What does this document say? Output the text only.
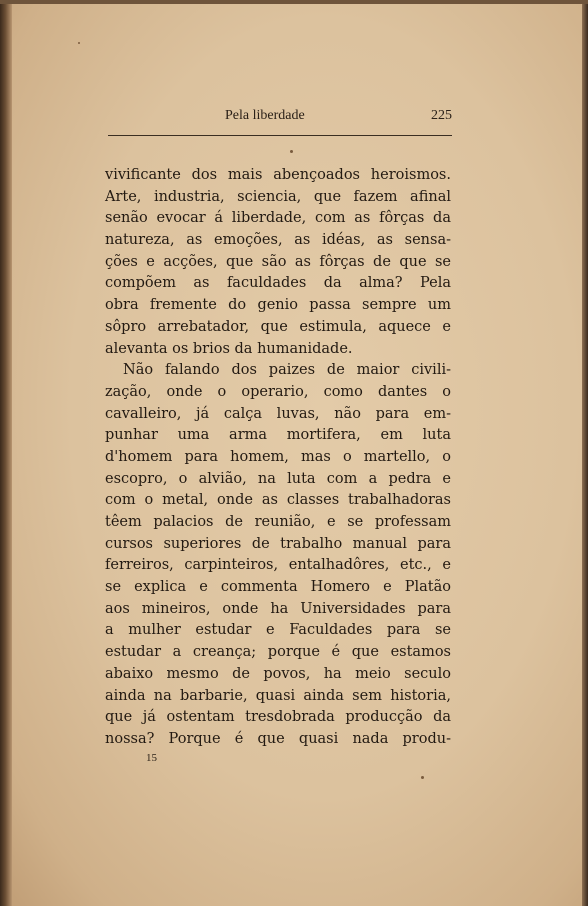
Pela liberdade	225
vivificante dos mais abençoados heroismos.
Arte, industria, sciencia, que fazem afinal
senão evocar á liberdade, com as fôrças da
natureza, as emoções, as idéas, as sensa-
ções e acções, que são as fôrças de que se
compõem as faculdades da alma? Pela
obra fremente do genio passa sempre um
sôpro arrebatador, que estimula, aquece e
alevanta os brios da humanidade.
Não falando dos paizes de maior civili-
zação, onde o operario, como dantes o
cavalleiro, já calça luvas, não para em-
punhar uma arma mortifera, em luta
d'homem para homem, mas o martello, o
escopro, o alvião, na luta com a pedra e
com o metal, onde as classes trabalhadoras
têem palacios de reunião, e se professam
cursos superiores de trabalho manual para
ferreiros, carpinteiros, entalhadôres, etc., e
se explica e commenta Homero e Platão
aos mineiros, onde ha Universidades para
a mulher estudar e Faculdades para se
estudar a creança; porque é que estamos
abaixo mesmo de povos, ha meio seculo
ainda na barbarie, quasi ainda sem historia,
que já ostentam tresdobrada producção da
nossa? Porque é que quasi nada produ-
15
